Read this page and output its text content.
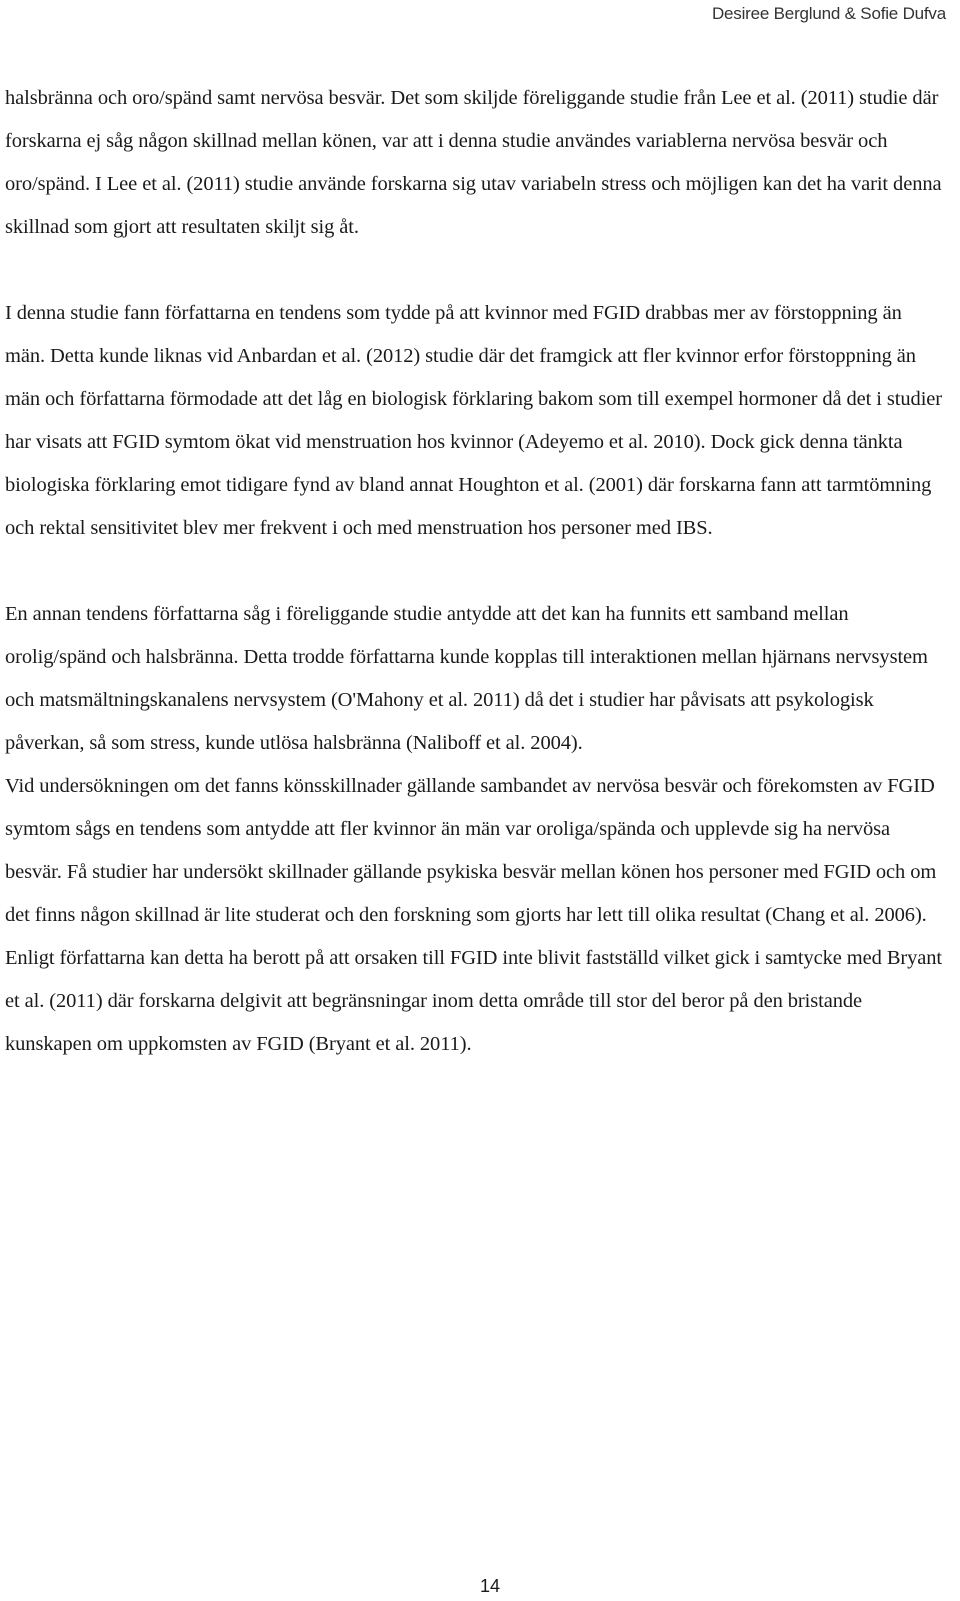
Desiree Berglund & Sofie Dufva

halsbränna och oro/spänd samt nervösa besvär. Det som skiljde föreliggande studie från Lee et al. (2011) studie där forskarna ej såg någon skillnad mellan könen, var att i denna studie användes variablerna nervösa besvär och oro/spänd. I Lee et al. (2011) studie använde forskarna sig utav variabeln stress och möjligen kan det ha varit denna skillnad som gjort att resultaten skiljt sig åt.

I denna studie fann författarna en tendens som tydde på att kvinnor med FGID drabbas mer av förstoppning än män. Detta kunde liknas vid Anbardan et al. (2012) studie där det framgick att fler kvinnor erfor förstoppning än män och författarna förmodade att det låg en biologisk förklaring bakom som till exempel hormoner då det i studier har visats att FGID symtom ökat vid menstruation hos kvinnor (Adeyemo et al. 2010). Dock gick denna tänkta biologiska förklaring emot tidigare fynd av bland annat Houghton et al. (2001) där forskarna fann att tarmtömning och rektal sensitivitet blev mer frekvent i och med menstruation hos personer med IBS.

En annan tendens författarna såg i föreliggande studie antydde att det kan ha funnits ett samband mellan orolig/spänd och halsbränna. Detta trodde författarna kunde kopplas till interaktionen mellan hjärnans nervsystem och matsmältningskanalens nervsystem (O'Mahony et al. 2011) då det i studier har påvisats att psykologisk påverkan, så som stress, kunde utlösa halsbränna (Naliboff et al. 2004).

Vid undersökningen om det fanns könsskillnader gällande sambandet av nervösa besvär och förekomsten av FGID symtom sågs en tendens som antydde att fler kvinnor än män var oroliga/spända och upplevde sig ha nervösa besvär. Få studier har undersökt skillnader gällande psykiska besvär mellan könen hos personer med FGID och om det finns någon skillnad är lite studerat och den forskning som gjorts har lett till olika resultat (Chang et al. 2006). Enligt författarna kan detta ha berott på att orsaken till FGID inte blivit fastställd vilket gick i samtycke med Bryant et al. (2011) där forskarna delgivit att begränsningar inom detta område till stor del beror på den bristande kunskapen om uppkomsten av FGID (Bryant et al. 2011).

14
